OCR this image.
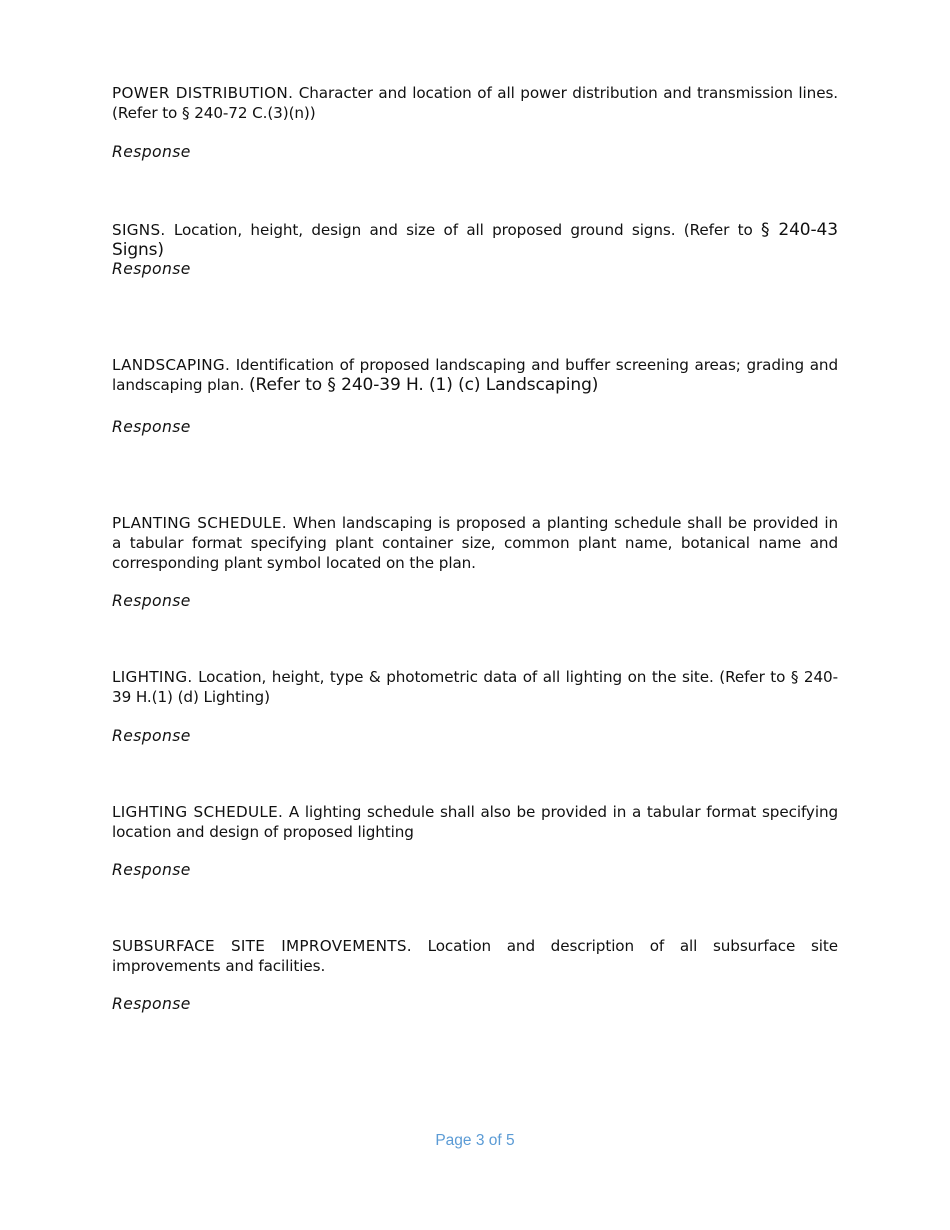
POWER DISTRIBUTION. Character and location of all power distribution and transmission lines. (Refer to § 240-72 C.(3)(n))

Response

SIGNS. Location, height, design and size of all proposed ground signs. (Refer to § 240-43 Signs)

Response

LANDSCAPING. Identification of proposed landscaping and buffer screening areas; grading and landscaping plan. (Refer to § 240-39 H. (1) (c) Landscaping)

Response

PLANTING SCHEDULE. When landscaping is proposed a planting schedule shall be provided in a tabular format specifying plant container size, common plant name, botanical name and corresponding plant symbol located on the plan.

Response

LIGHTING. Location, height, type & photometric data of all lighting on the site. (Refer to § 240-39 H.(1) (d) Lighting)

Response

LIGHTING SCHEDULE. A lighting schedule shall also be provided in a tabular format specifying location and design of proposed lighting

Response

SUBSURFACE SITE IMPROVEMENTS. Location and description of all subsurface site improvements and facilities.

Response

Page 3 of 5
